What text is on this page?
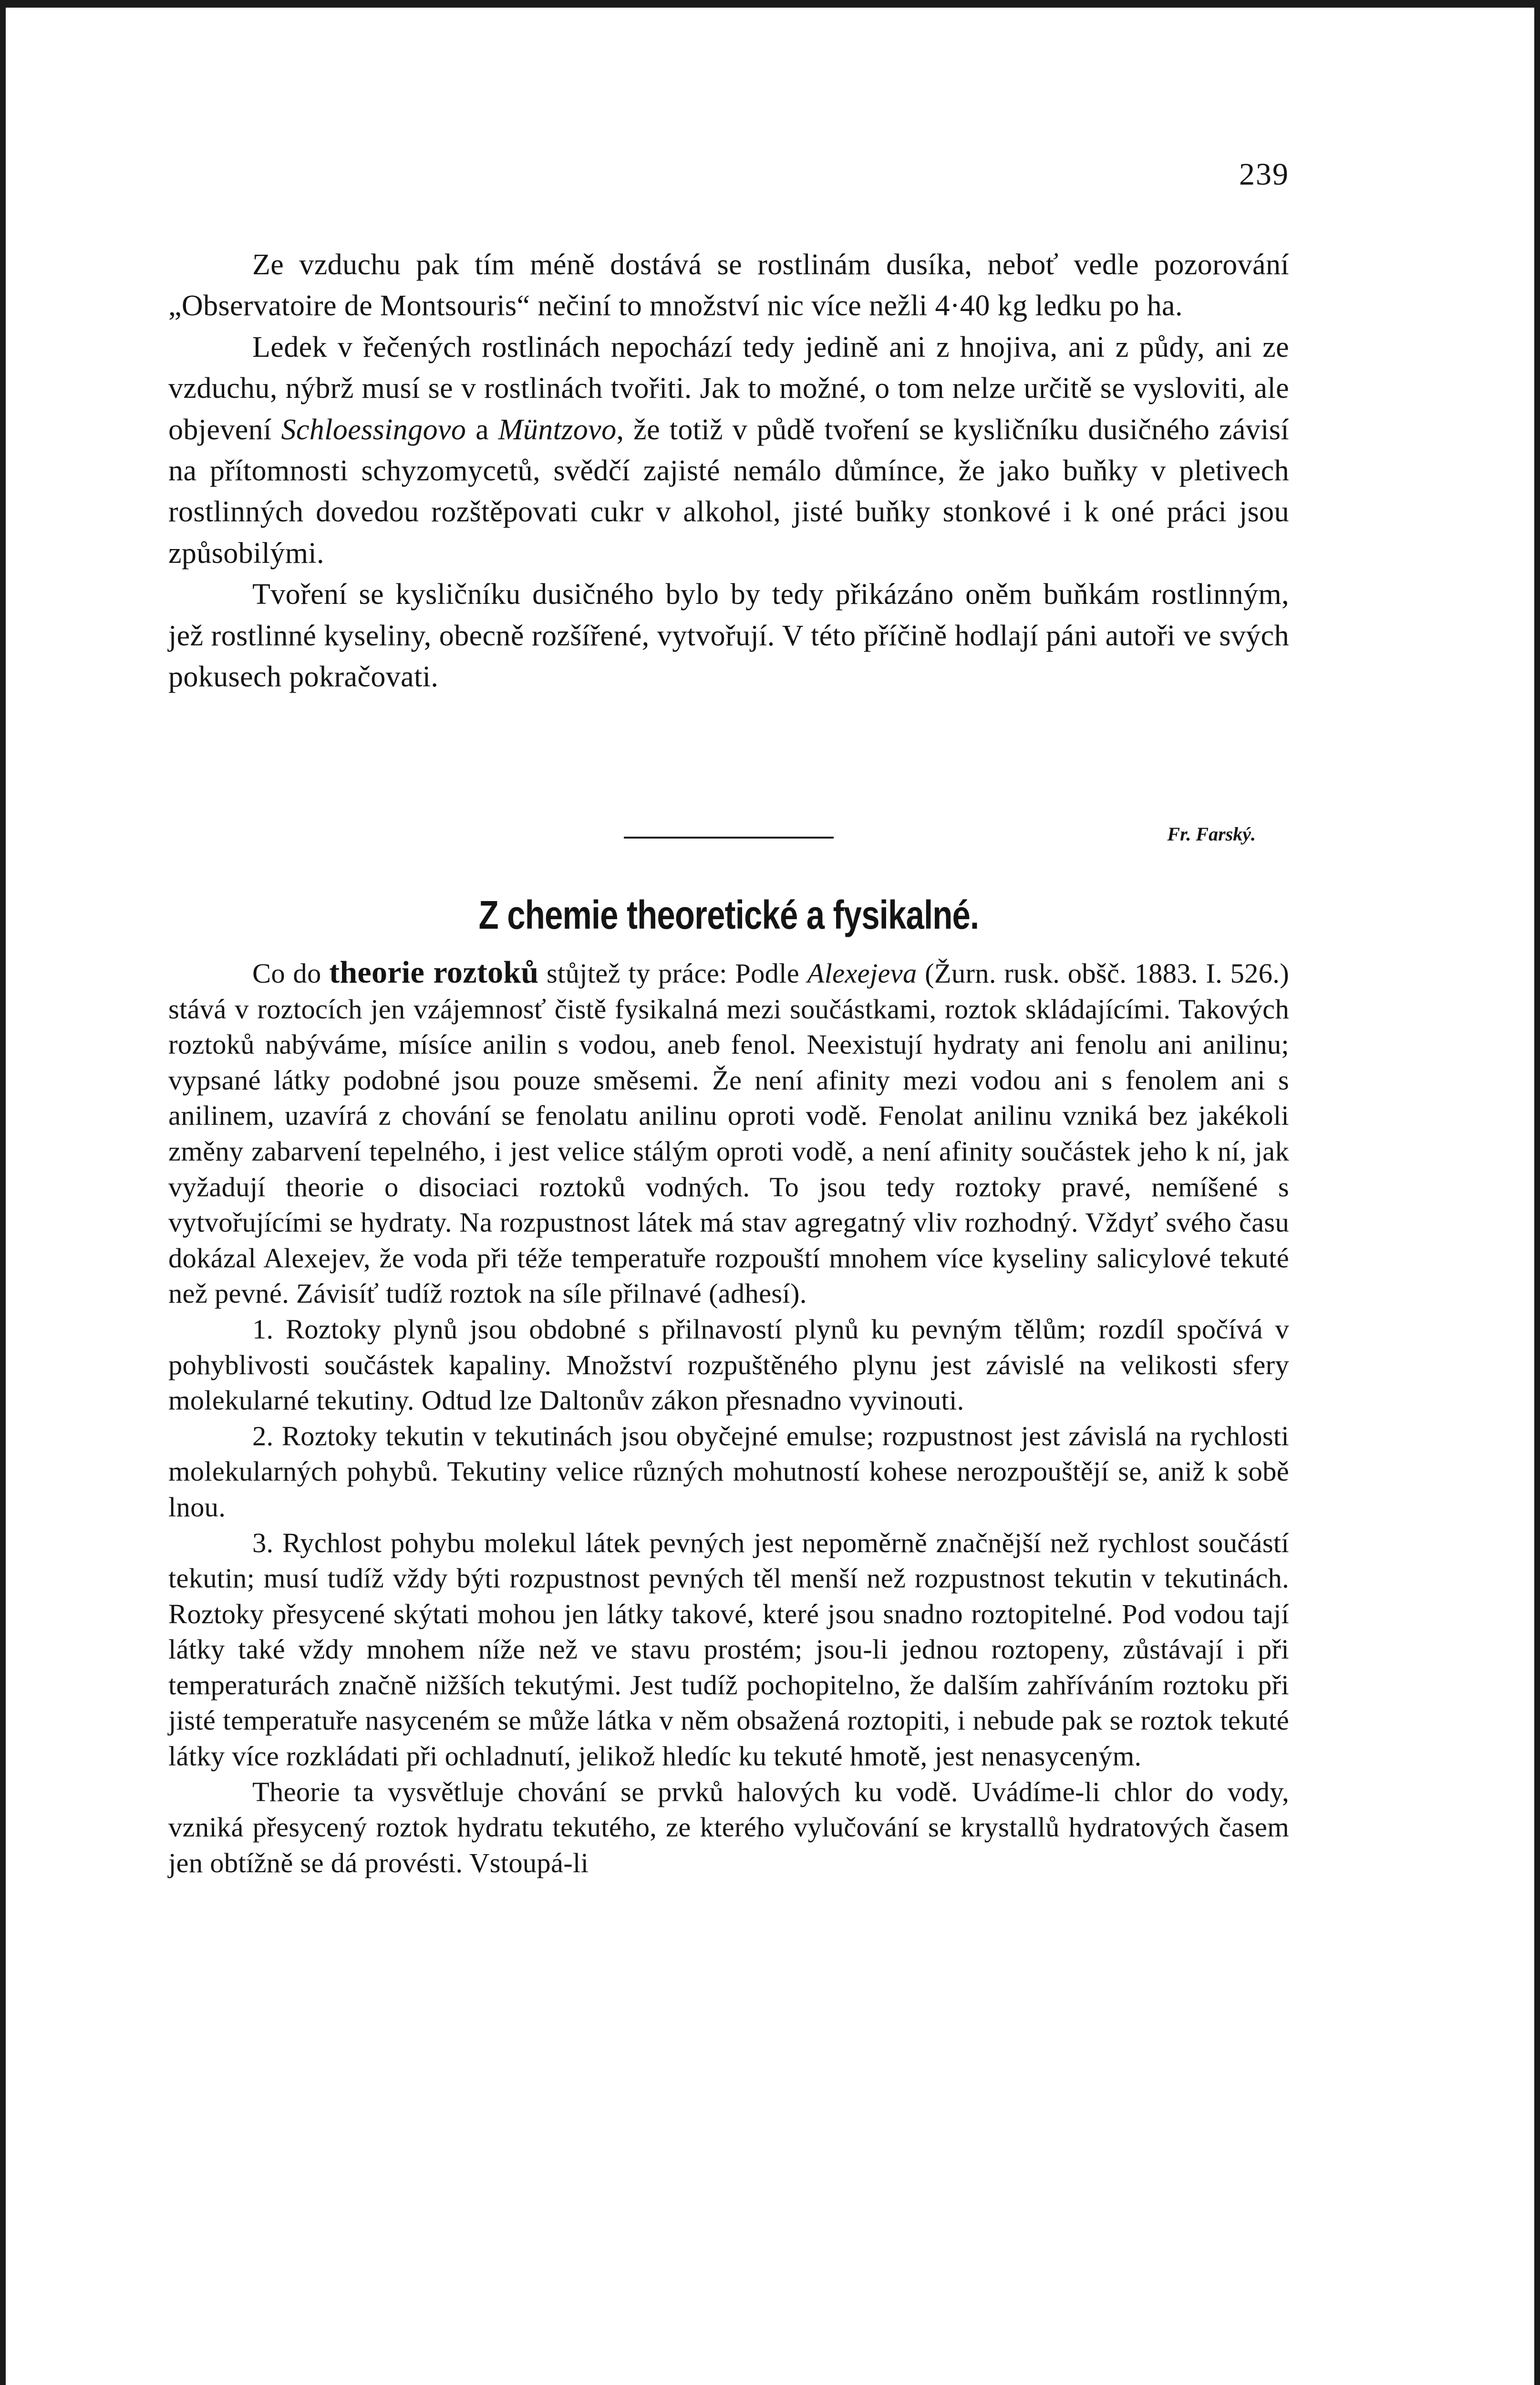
239

Ze vzduchu pak tím méně dostává se rostlinám dusíka, neboť vedle pozorování „Observatoire de Montsouris“ nečiní to množství nic více nežli 4·40 kg ledku po ha.

Ledek v řečených rostlinách nepochází tedy jedině ani z hnojiva, ani z půdy, ani ze vzduchu, nýbrž musí se v rostlinách tvořiti. Jak to možné, o tom nelze určitě se vysloviti, ale objevení Schloessingovo a Müntzovo, že totiž v půdě tvoření se kysličníku dusičného závisí na přítomnosti schyzomycetů, svědčí zajisté nemálo důmínce, že jako buňky v pletivech rostlinných dovedou rozštěpovati cukr v alkohol, jisté buňky stonkové i k oné práci jsou způsobilými.

Tvoření se kysličníku dusičného bylo by tedy přikázáno oněm buňkám rostlinným, jež rostlinné kyseliny, obecně rozšířené, vytvořují. V této příčině hodlají páni autoři ve svých pokusech pokračovati.

Fr. Farský.
Z chemie theoretické a fysikalné.

Co do theorie roztoků stůjtež ty práce: Podle Alexejeva (Žurn. rusk. obšč. 1883. I. 526.) stává v roztocích jen vzájemnosť čistě fysikalná mezi součástkami, roztok skládajícími. Takových roztoků nabýváme, mísíce anilin s vodou, aneb fenol. Neexistují hydraty ani fenolu ani anilinu; vypsané látky podobné jsou pouze směsemi. Že není afinity mezi vodou ani s fenolem ani s anilinem, uzavírá z chování se fenolatu anilinu oproti vodě. Fenolat anilinu vzniká bez jakékoli změny zabarvení tepelného, i jest velice stálým oproti vodě, a není afinity součástek jeho k ní, jak vyžadují theorie o disociaci roztoků vodných. To jsou tedy roztoky pravé, nemíšené s vytvořujícími se hydraty. Na rozpustnost látek má stav agregatný vliv rozhodný. Vždyť svého času dokázal Alexejev, že voda při téže temperatuře rozpouští mnohem více kyseliny salicylové tekuté než pevné. Závisíť tudíž roztok na síle přilnavé (adhesí).

1. Roztoky plynů jsou obdobné s přilnavostí plynů ku pevným tělům; rozdíl spočívá v pohyblivosti součástek kapaliny. Množství rozpuštěného plynu jest závislé na velikosti sfery molekularné tekutiny. Odtud lze Daltonův zákon přesnadno vyvinouti.

2. Roztoky tekutin v tekutinách jsou obyčejné emulse; rozpustnost jest závislá na rychlosti molekularných pohybů. Tekutiny velice různých mohutností kohese nerozpouštějí se, aniž k sobě lnou.

3. Rychlost pohybu molekul látek pevných jest nepoměrně značnější než rychlost součástí tekutin; musí tudíž vždy býti rozpustnost pevných těl menší než rozpustnost tekutin v tekutinách. Roztoky přesycené skýtati mohou jen látky takové, které jsou snadno roztopitelné. Pod vodou tají látky také vždy mnohem níže než ve stavu prostém; jsou-li jednou roztopeny, zůstávají i při temperaturách značně nižších tekutými. Jest tudíž pochopitelno, že dalším zahříváním roztoku při jisté temperatuře nasyceném se může látka v něm obsažená roztopiti, i nebude pak se roztok tekuté látky více rozkládati při ochladnutí, jelikož hledíc ku tekuté hmotě, jest nenasyceným.

Theorie ta vysvětluje chování se prvků halových ku vodě. Uvádíme-li chlor do vody, vzniká přesycený roztok hydratu tekutého, ze kterého vylučování se krystallů hydratových časem jen obtížně se dá provésti. Vstoupá-li
